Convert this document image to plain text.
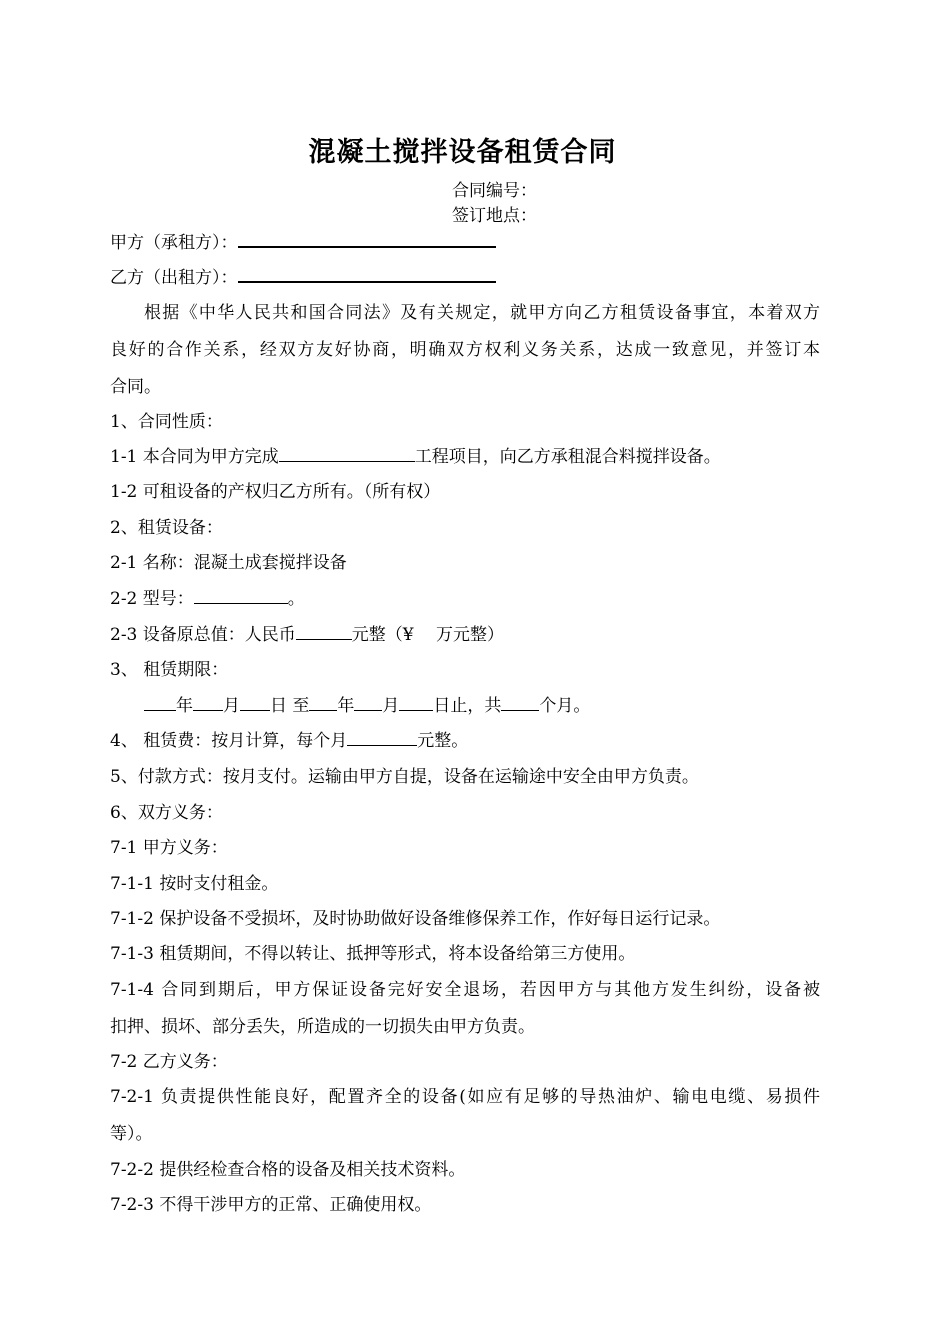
混凝土搅拌设备租赁合同
合同编号：
签订地点：
甲方（承租方）：
乙方（出租方）：
根据《中华人民共和国合同法》及有关规定，就甲方向乙方租赁设备事宜，本着双方
良好的合作关系，经双方友好协商，明确双方权利义务关系，达成一致意见，并签订本
合同。
1、合同性质：
1-1 本合同为甲方完成	工程项目，向乙方承租混合料搅拌设备。
1-2 可租设备的产权归乙方所有。（所有权）
2、租赁设备：
2-1 名称：混凝土成套搅拌设备
2-2 型号：	。
2-3 设备原总值：人民币	元整（¥　 万元整）
3、 租赁期限：
年 月 日 至 年 月 日止，共 个月。
4、 租赁费：按月计算，每个月	元整。
5、付款方式：按月支付。运输由甲方自提，设备在运输途中安全由甲方负责。
6、双方义务：
7-1 甲方义务：
7-1-1 按时支付租金。
7-1-2 保护设备不受损坏，及时协助做好设备维修保养工作，作好每日运行记录。
7-1-3 租赁期间，不得以转让、抵押等形式，将本设备给第三方使用。
7-1-4 合同到期后，甲方保证设备完好安全退场，若因甲方与其他方发生纠纷，设备被
扣押、损坏、部分丢失，所造成的一切损失由甲方负责。
7-2 乙方义务：
7-2-1 负责提供性能良好，配置齐全的设备(如应有足够的导热油炉、输电电缆、易损件
等）。
7-2-2 提供经检查合格的设备及相关技术资料。
7-2-3 不得干涉甲方的正常、正确使用权。
